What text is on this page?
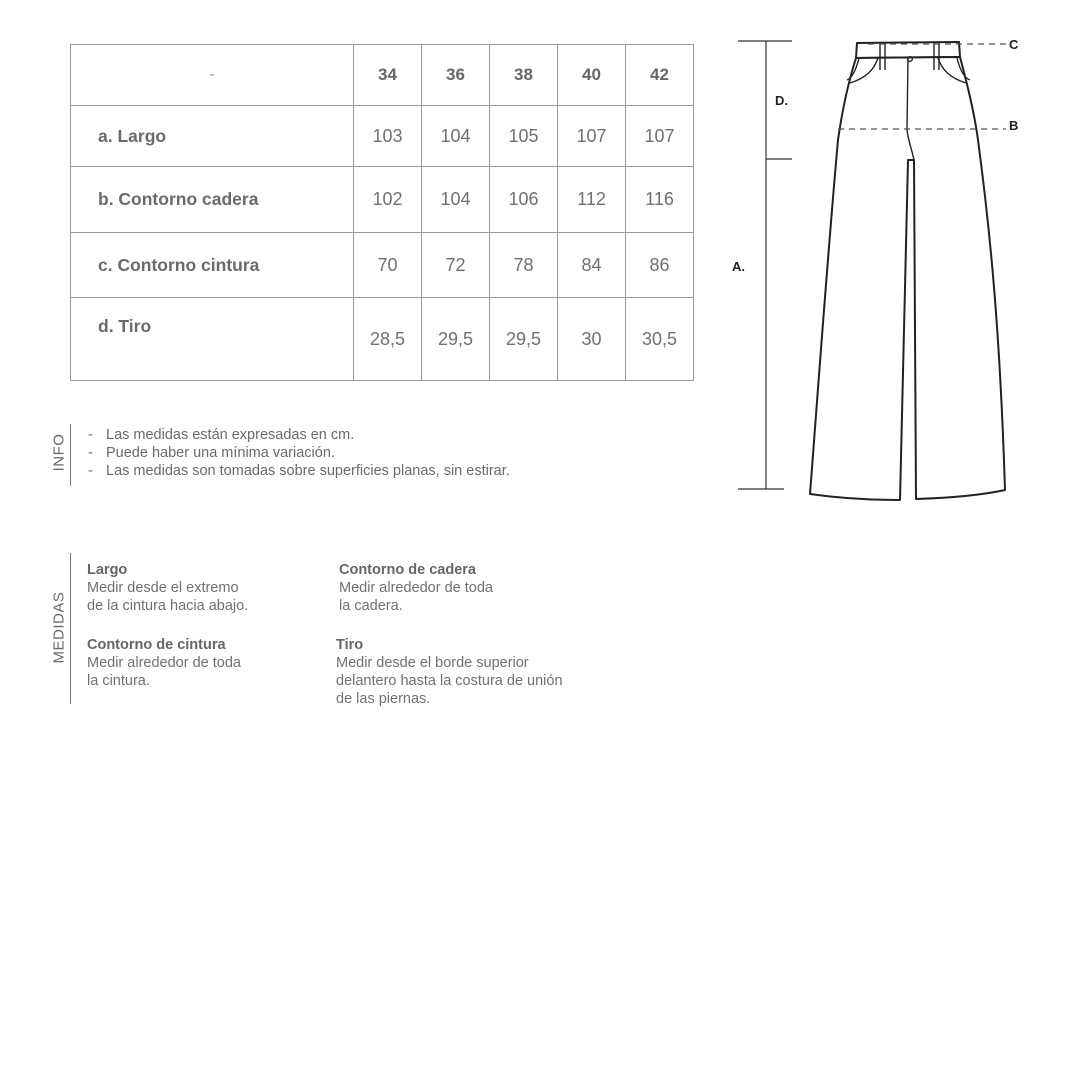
-	34	36	38	40	42
a. Largo	103	104	105	107	107
b. Contorno cadera	102	104	106	112	116
c. Contorno cintura	70	72	78	84	86
d. Tiro	28,5	29,5	29,5	30	30,5
INFO	- Las medidas están expresadas en cm.
- Puede haber una mínima variación.
- Las medidas son tomadas sobre superficies planas, sin estirar.
MEDIDAS
Largo
Medir desde el extremo
de la cintura hacia abajo.
Contorno de cadera
Medir alrededor de toda
la cadera.
Contorno de cintura
Medir alrededor de toda
la cintura.
Tiro
Medir desde el borde superior
delantero hasta la costura de unión
de las piernas.
D.
A.
C
B
